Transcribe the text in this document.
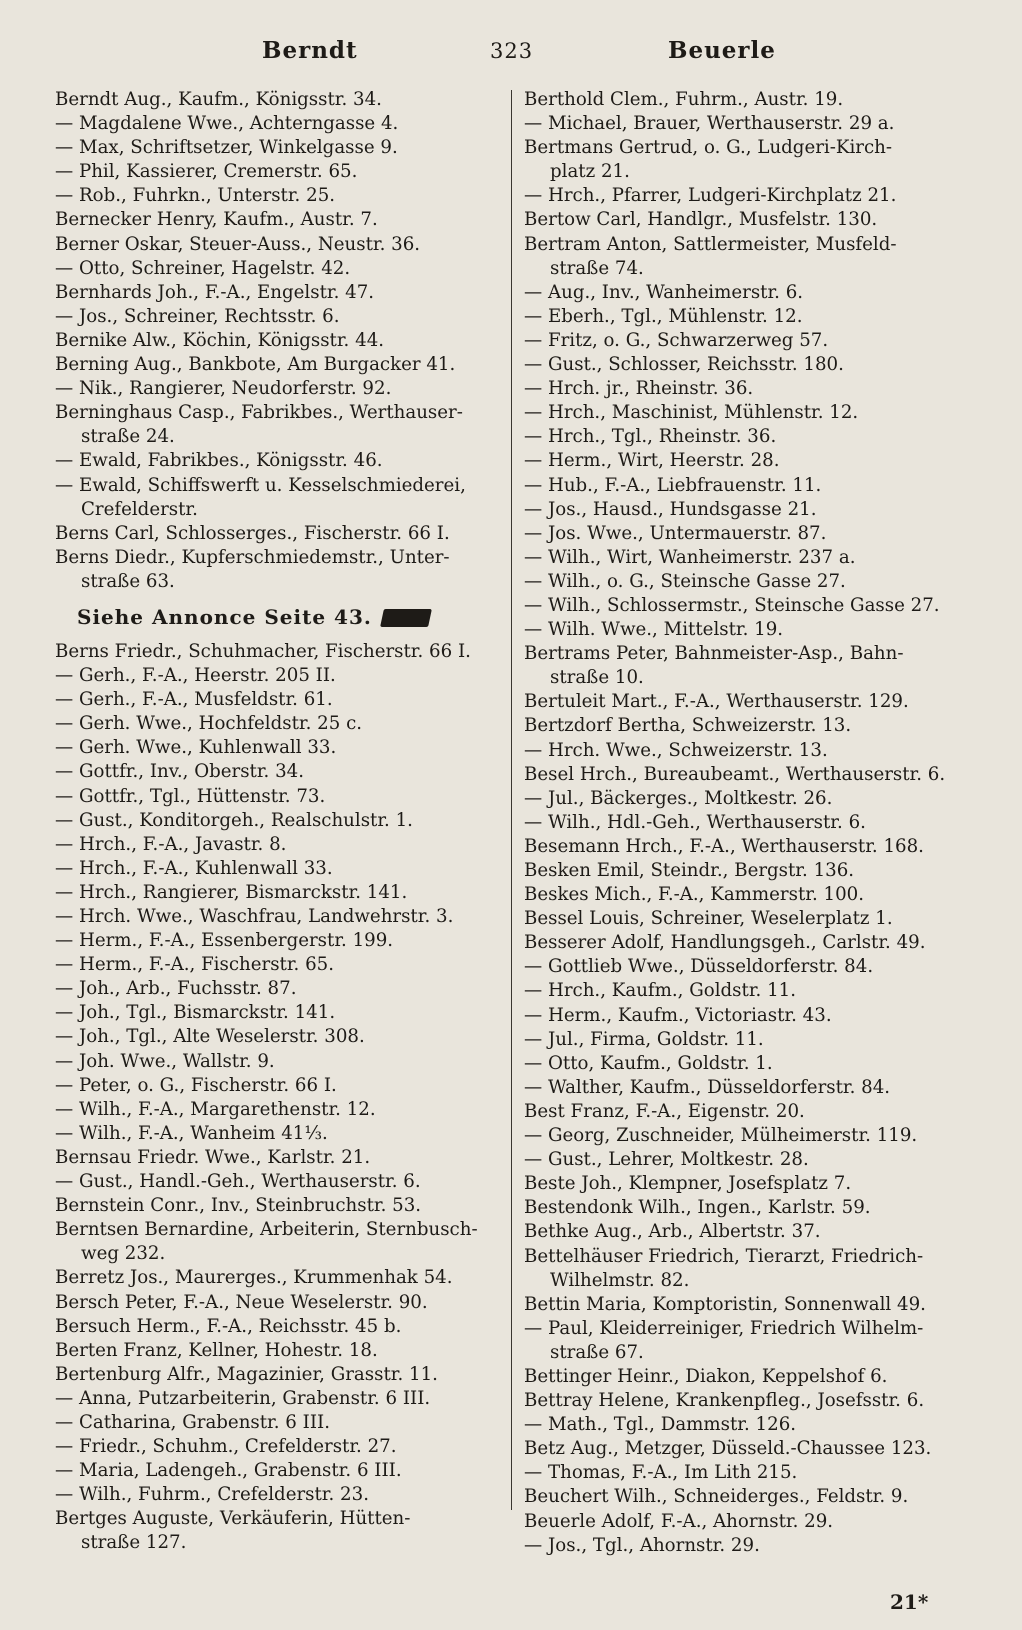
Berndt	323	Beuerle
Berndt Aug., Kaufm., Königsstr. 34.
— Magdalene Wwe., Achterngasse 4.
— Max, Schriftsetzer, Winkelgasse 9.
— Phil, Kassierer, Cremerstr. 65.
— Rob., Fuhrkn., Unterstr. 25.
Bernecker Henry, Kaufm., Austr. 7.
Berner Oskar, Steuer-Auss., Neustr. 36.
— Otto, Schreiner, Hagelstr. 42.
Bernhards Joh., F.-A., Engelstr. 47.
— Jos., Schreiner, Rechtsstr. 6.
Bernike Alw., Köchin, Königsstr. 44.
Berning Aug., Bankbote, Am Burgacker 41.
— Nik., Rangierer, Neudorferstr. 92.
Berninghaus Casp., Fabrikbes., Werthauser-
straße 24.
— Ewald, Fabrikbes., Königsstr. 46.
— Ewald, Schiffswerft u. Kesselschmiederei,
Crefelderstr.
Berns Carl, Schlosserges., Fischerstr. 66 I.
Berns Diedr., Kupferschmiedemstr., Unter-
straße 63.
Siehe Annonce Seite 43.
Berns Friedr., Schuhmacher, Fischerstr. 66 I.
— Gerh., F.-A., Heerstr. 205 II.
— Gerh., F.-A., Musfeldstr. 61.
— Gerh. Wwe., Hochfeldstr. 25 c.
— Gerh. Wwe., Kuhlenwall 33.
— Gottfr., Inv., Oberstr. 34.
— Gottfr., Tgl., Hüttenstr. 73.
— Gust., Konditorgeh., Realschulstr. 1.
— Hrch., F.-A., Javastr. 8.
— Hrch., F.-A., Kuhlenwall 33.
— Hrch., Rangierer, Bismarckstr. 141.
— Hrch. Wwe., Waschfrau, Landwehrstr. 3.
— Herm., F.-A., Essenbergerstr. 199.
— Herm., F.-A., Fischerstr. 65.
— Joh., Arb., Fuchsstr. 87.
— Joh., Tgl., Bismarckstr. 141.
— Joh., Tgl., Alte Weselerstr. 308.
— Joh. Wwe., Wallstr. 9.
— Peter, o. G., Fischerstr. 66 I.
— Wilh., F.-A., Margarethenstr. 12.
— Wilh., F.-A., Wanheim 41⅓.
Bernsau Friedr. Wwe., Karlstr. 21.
— Gust., Handl.-Geh., Werthauserstr. 6.
Bernstein Conr., Inv., Steinbruchstr. 53.
Berntsen Bernardine, Arbeiterin, Sternbusch-
weg 232.
Berretz Jos., Maurerges., Krummenhak 54.
Bersch Peter, F.-A., Neue Weselerstr. 90.
Bersuch Herm., F.-A., Reichsstr. 45 b.
Berten Franz, Kellner, Hohestr. 18.
Bertenburg Alfr., Magazinier, Grasstr. 11.
— Anna, Putzarbeiterin, Grabenstr. 6 III.
— Catharina, Grabenstr. 6 III.
— Friedr., Schuhm., Crefelderstr. 27.
— Maria, Ladengeh., Grabenstr. 6 III.
— Wilh., Fuhrm., Crefelderstr. 23.
Bertges Auguste, Verkäuferin, Hütten-
straße 127.
Berthold Clem., Fuhrm., Austr. 19.
— Michael, Brauer, Werthauserstr. 29 a.
Bertmans Gertrud, o. G., Ludgeri-Kirch-
platz 21.
— Hrch., Pfarrer, Ludgeri-Kirchplatz 21.
Bertow Carl, Handlgr., Musfelstr. 130.
Bertram Anton, Sattlermeister, Musfeld-
straße 74.
— Aug., Inv., Wanheimerstr. 6.
— Eberh., Tgl., Mühlenstr. 12.
— Fritz, o. G., Schwarzerweg 57.
— Gust., Schlosser, Reichsstr. 180.
— Hrch. jr., Rheinstr. 36.
— Hrch., Maschinist, Mühlenstr. 12.
— Hrch., Tgl., Rheinstr. 36.
— Herm., Wirt, Heerstr. 28.
— Hub., F.-A., Liebfrauenstr. 11.
— Jos., Hausd., Hundsgasse 21.
— Jos. Wwe., Untermauerstr. 87.
— Wilh., Wirt, Wanheimerstr. 237 a.
— Wilh., o. G., Steinsche Gasse 27.
— Wilh., Schlossermstr., Steinsche Gasse 27.
— Wilh. Wwe., Mittelstr. 19.
Bertrams Peter, Bahnmeister-Asp., Bahn-
straße 10.
Bertuleit Mart., F.-A., Werthauserstr. 129.
Bertzdorf Bertha, Schweizerstr. 13.
— Hrch. Wwe., Schweizerstr. 13.
Besel Hrch., Bureaubeamt., Werthauserstr. 6.
— Jul., Bäckerges., Moltkestr. 26.
— Wilh., Hdl.-Geh., Werthauserstr. 6.
Besemann Hrch., F.-A., Werthauserstr. 168.
Besken Emil, Steindr., Bergstr. 136.
Beskes Mich., F.-A., Kammerstr. 100.
Bessel Louis, Schreiner, Weselerplatz 1.
Besserer Adolf, Handlungsgeh., Carlstr. 49.
— Gottlieb Wwe., Düsseldorferstr. 84.
— Hrch., Kaufm., Goldstr. 11.
— Herm., Kaufm., Victoriastr. 43.
— Jul., Firma, Goldstr. 11.
— Otto, Kaufm., Goldstr. 1.
— Walther, Kaufm., Düsseldorferstr. 84.
Best Franz, F.-A., Eigenstr. 20.
— Georg, Zuschneider, Mülheimerstr. 119.
— Gust., Lehrer, Moltkestr. 28.
Beste Joh., Klempner, Josefsplatz 7.
Bestendonk Wilh., Ingen., Karlstr. 59.
Bethke Aug., Arb., Albertstr. 37.
Bettelhäuser Friedrich, Tierarzt, Friedrich-
Wilhelmstr. 82.
Bettin Maria, Komptoristin, Sonnenwall 49.
— Paul, Kleiderreiniger, Friedrich Wilhelm-
straße 67.
Bettinger Heinr., Diakon, Keppelshof 6.
Bettray Helene, Krankenpfleg., Josefsstr. 6.
— Math., Tgl., Dammstr. 126.
Betz Aug., Metzger, Düsseld.-Chaussee 123.
— Thomas, F.-A., Im Lith 215.
Beuchert Wilh., Schneiderges., Feldstr. 9.
Beuerle Adolf, F.-A., Ahornstr. 29.
— Jos., Tgl., Ahornstr. 29.
21*
